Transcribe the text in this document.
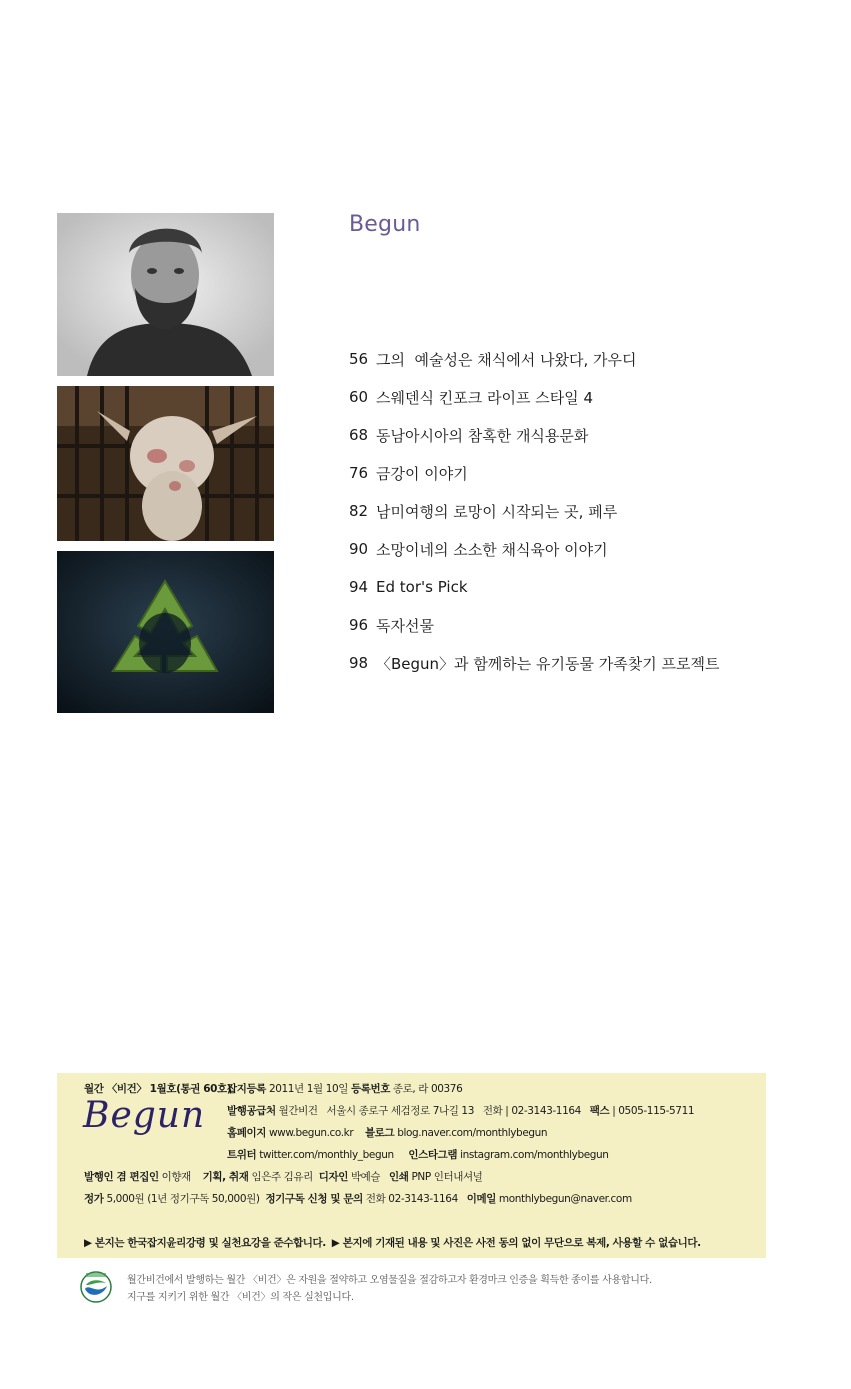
Begun
56 그의  예술성은 채식에서 나왔다, 가우디
60 스웨덴식 킨포크 라이프 스타일 4
68 동남아시아의 참혹한 개식용문화
76 금강이 이야기
82 남미여행의 로망이 시작되는 곳, 페루
90 소망이네의 소소한 채식육아 이야기
94 Ed tor's Pick
96 독자선물
98 〈Begun〉과 함께하는 유기동물 가족찾기 프로젝트
월간 〈비건〉 1월호(통권 60호)
잡지등록 2011년 1월 10일 등록번호 종로, 라 00376
Begun 발행공급처 월간비건 서울시 종로구 세검정로 7나길 13 전화 | 02-3143-1164 팩스 | 0505-115-5711
홈페이지 www.begun.co.kr 블로그 blog.naver.com/monthlybegun
트위터 twitter.com/monthly_begun 인스타그램 instagram.com/monthlybegun
발행인 겸 편집인 이향재 기획, 취재 임은주 김유리 디자인 박예슬 인쇄 PNP 인터내셔널
정가 5,000원 (1년 정기구독 50,000원) 정기구독 신청 및 문의 전화 02-3143-1164 이메일 monthlybegun@naver.com
▶ 본지는 한국잡지윤리강령 및 실천요강을 준수합니다. ▶ 본지에 기재된 내용 및 사진은 사전 동의 없이 무단으로 복제, 사용할 수 없습니다.
월간비건에서 발행하는 월간 〈비건〉은 자원을 절약하고 오염물질을 절감하고자 환경마크 인증을 획득한 종이를 사용합니다.
지구를 지키기 위한 월간 〈비건〉의 작은 실천입니다.
